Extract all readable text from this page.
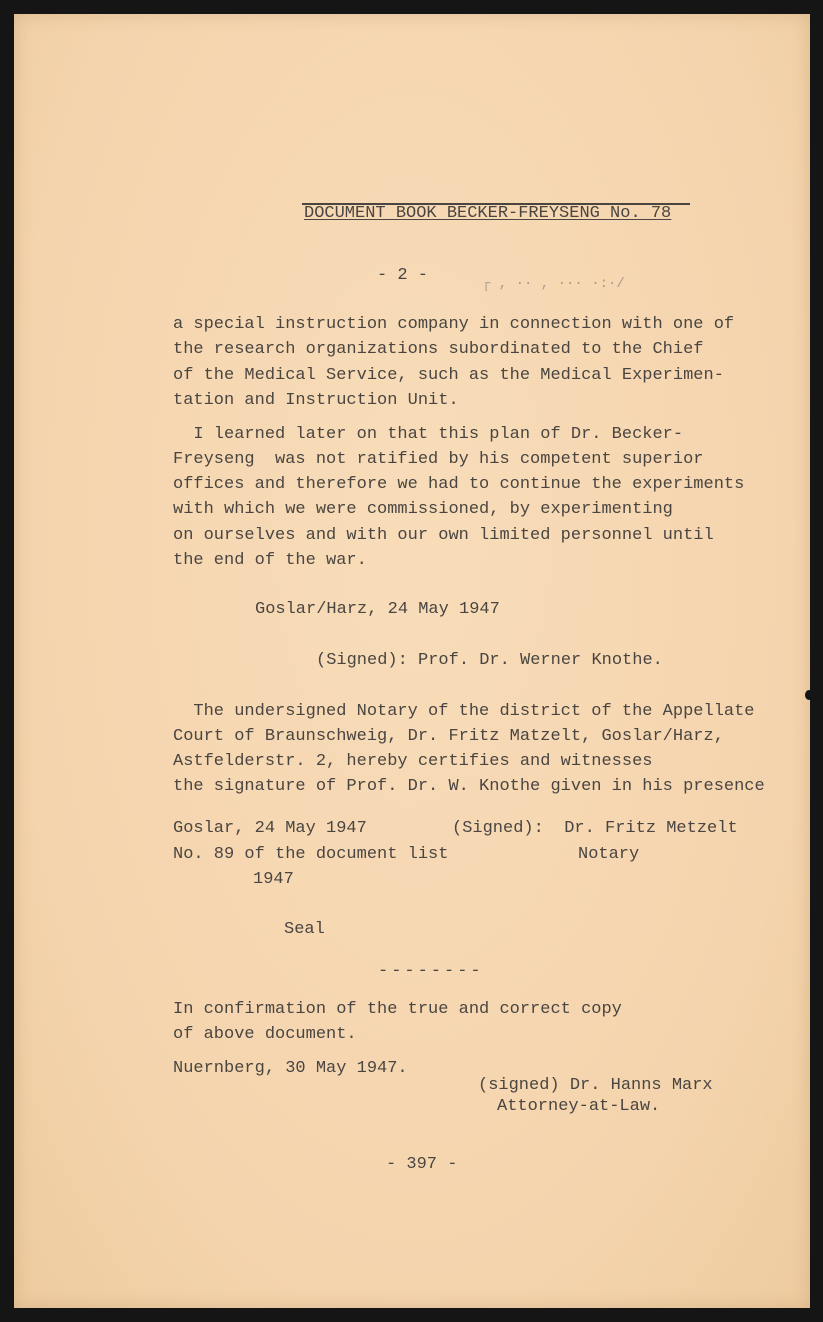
DOCUMENT BOOK BECKER-FREYSENG No. 78
- 2 -	┌ , ·· , ··· ·:·/
a special instruction company in connection with one of
the research organizations subordinated to the Chief
of the Medical Service, such as the Medical Experimen-
tation and Instruction Unit.
I learned later on that this plan of Dr. Becker-
Freyseng  was not ratified by his competent superior
offices and therefore we had to continue the experiments
with which we were commissioned, by experimenting
on ourselves and with our own limited personnel until
the end of the war.
Goslar/Harz, 24 May 1947
(Signed): Prof. Dr. Werner Knothe.
The undersigned Notary of the district of the Appellate
Court of Braunschweig, Dr. Fritz Matzelt, Goslar/Harz,
Astfelderstr. 2, hereby certifies and witnesses
the signature of Prof. Dr. W. Knothe given in his presence
Goslar, 24 May 1947
No. 89 of the document list
1947
(Signed):  Dr. Fritz Metzelt
Notary
Seal
--------
In confirmation of the true and correct copy
of above document.
Nuernberg, 30 May 1947.
(signed) Dr. Hanns Marx
Attorney-at-Law.
- 397 -
